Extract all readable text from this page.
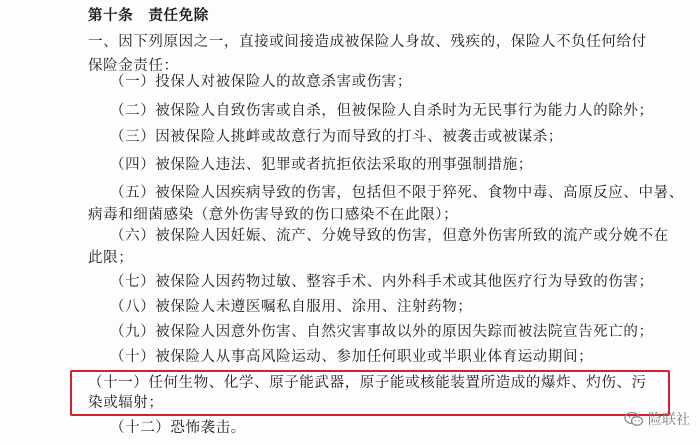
第十条　责任免除
一、因下列原因之一，直接或间接造成被保险人身故、残疾的，保险人不负任何给付
保险金责任：
（一）投保人对被保险人的故意杀害或伤害；
（二）被保险人自致伤害或自杀，但被保险人自杀时为无民事行为能力人的除外；
（三）因被保险人挑衅或故意行为而导致的打斗、被袭击或被谋杀；
（四）被保险人违法、犯罪或者抗拒依法采取的刑事强制措施；
（五）被保险人因疾病导致的伤害，包括但不限于猝死、食物中毒、高原反应、中暑、
病毒和细菌感染（意外伤害导致的伤口感染不在此限）；
（六）被保险人因妊娠、流产、分娩导致的伤害，但意外伤害所致的流产或分娩不在
此限；
（七）被保险人因药物过敏、整容手术、内外科手术或其他医疗行为导致的伤害；
（八）被保险人未遵医嘱私自服用、涂用、注射药物；
（九）被保险人因意外伤害、自然灾害事故以外的原因失踪而被法院宣告死亡的；
（十）被保险人从事高风险运动、参加任何职业或半职业体育运动期间；
（十一）任何生物、化学、原子能武器，原子能或核能装置所造成的爆炸、灼伤、污
染或辐射；
（十二）恐怖袭击。	险联社
